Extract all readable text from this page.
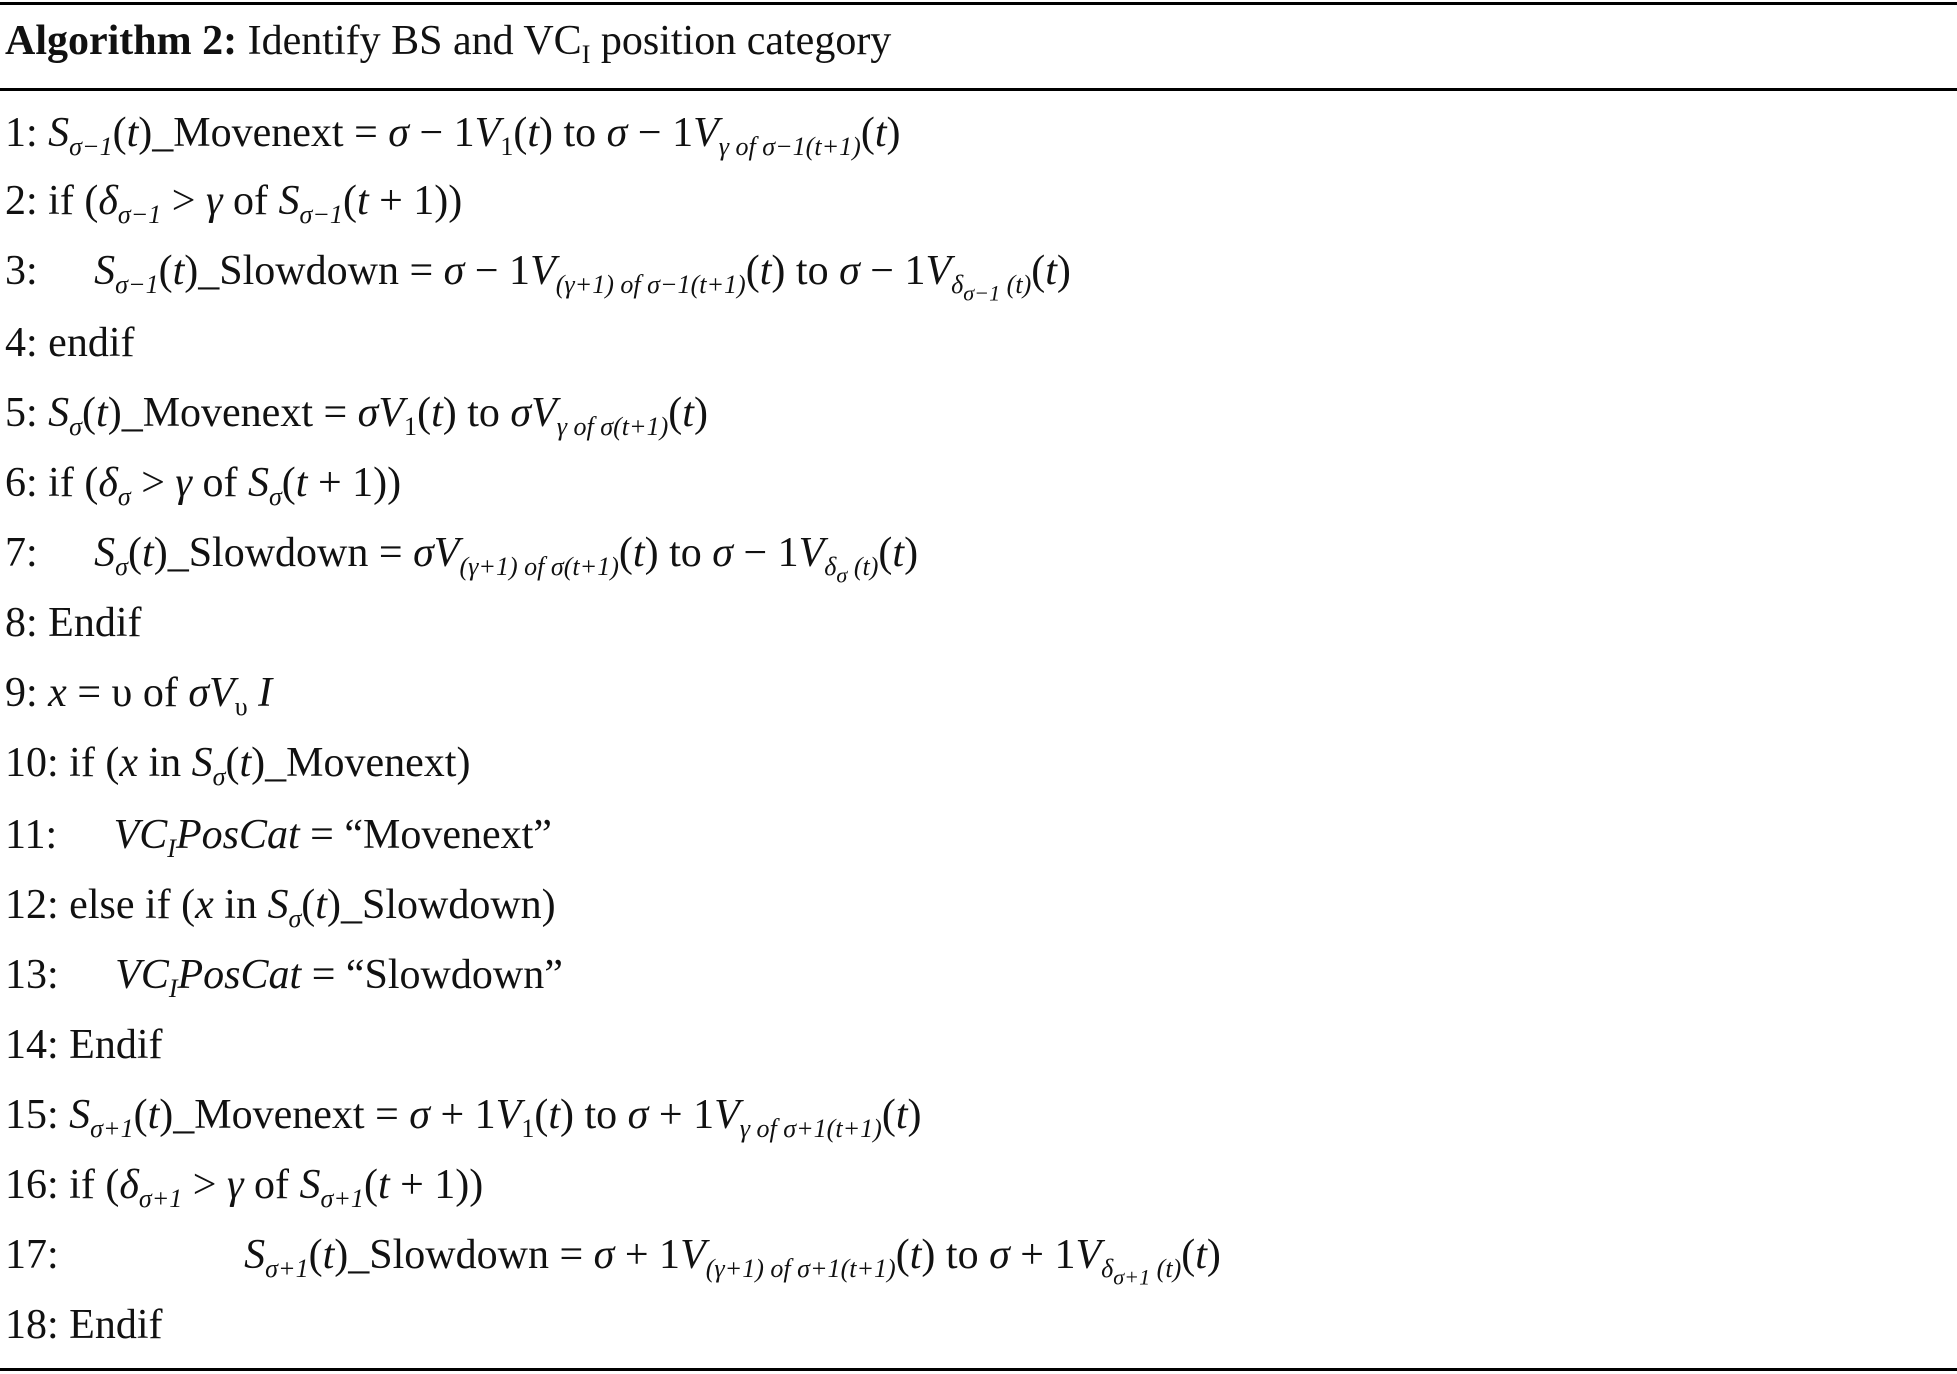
Algorithm 2: Identify BS and $VC_I$ position category
1: $S_{\sigma-1}(t)\_Movenext = \sigma - 1V_1(t)$ to $\sigma - 1V_{\gamma of \sigma-1(t+1)}(t)$
2: if ($\delta_{\sigma-1} > \gamma$ of $S_{\sigma-1}(t + 1)$)
3: $S_{\sigma-1}(t)\_Slowdown = \sigma - 1V_{(\gamma+1) of \sigma-1(t+1)}(t)$ to $\sigma - 1V_{\delta_{\sigma-1} (t)}(t)$
4: endif
5: $S_\sigma(t)\_Movenext = \sigma V_1(t)$ to $\sigma V_{\gamma of \sigma(t+1)}(t)$
6: if ($\delta_\sigma > \gamma$ of $S_\sigma(t + 1)$)
7: $S_\sigma(t)\_Slowdown = \sigma V_{(\gamma+1) of \sigma(t+1)}(t)$ to $\sigma - 1V_{\delta_\sigma (t)}(t)$
8: Endif
9: x = υ of $\sigma V_\upsilon$ I
10: if (x in $S_\sigma(t)\_Movenext$)
11: $VC_IPosCat$ = “Movenext”
12: else if (x in $S_\sigma(t)\_Slowdown$)
13: $VC_IPosCat$ = “Slowdown”
14: Endif
15: $S_{\sigma+1}(t)\_Movenext = \sigma + 1V_1(t)$ to $\sigma + 1V_{\gamma of \sigma+1(t+1)}(t)$
16: if ($\delta_{\sigma+1} > \gamma$ of $S_{\sigma+1}(t + 1)$)
17:	$S_{\sigma+1}(t)\_Slowdown = \sigma + 1V_{(\gamma+1) of \sigma+1(t+1)}(t)$ to $\sigma + 1V_{\delta_{\sigma+1} (t)}(t)$
18: Endif
